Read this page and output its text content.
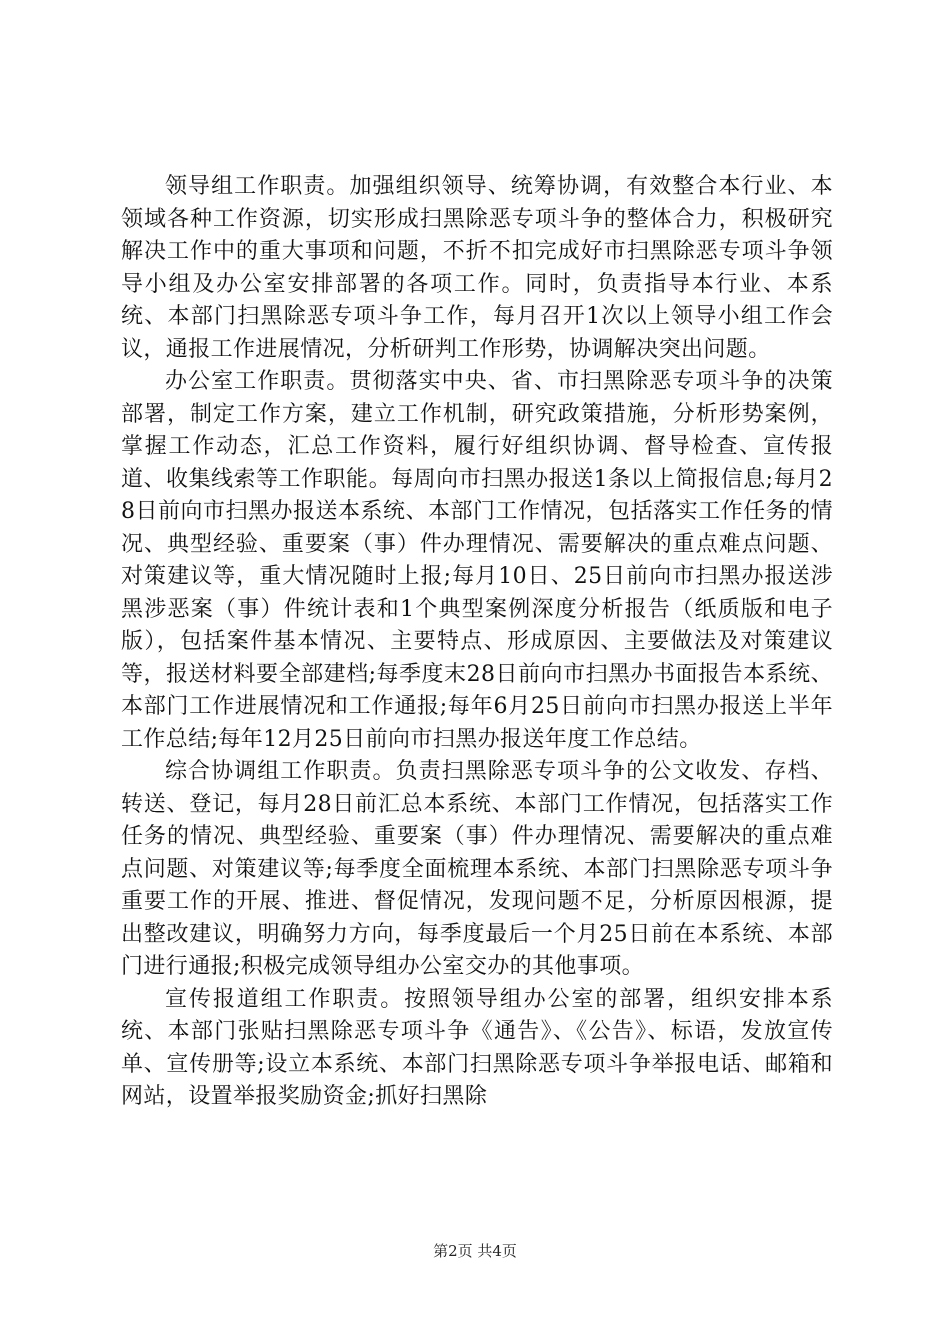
领导组工作职责。加强组织领导、统筹协调，有效整合本行业、本领域各种工作资源，切实形成扫黑除恶专项斗争的整体合力，积极研究解决工作中的重大事项和问题，不折不扣完成好市扫黑除恶专项斗争领导小组及办公室安排部署的各项工作。同时，负责指导本行业、本系统、本部门扫黑除恶专项斗争工作，每月召开1次以上领导小组工作会议，通报工作进展情况，分析研判工作形势，协调解决突出问题。

办公室工作职责。贯彻落实中央、省、市扫黑除恶专项斗争的决策部署，制定工作方案，建立工作机制，研究政策措施，分析形势案例，掌握工作动态，汇总工作资料，履行好组织协调、督导检查、宣传报道、收集线索等工作职能。每周向市扫黑办报送1条以上简报信息;每月28日前向市扫黑办报送本系统、本部门工作情况，包括落实工作任务的情况、典型经验、重要案（事）件办理情况、需要解决的重点难点问题、对策建议等，重大情况随时上报;每月10日、25日前向市扫黑办报送涉黑涉恶案（事）件统计表和1个典型案例深度分析报告（纸质版和电子版），包括案件基本情况、主要特点、形成原因、主要做法及对策建议等，报送材料要全部建档;每季度末28日前向市扫黑办书面报告本系统、本部门工作进展情况和工作通报;每年6月25日前向市扫黑办报送上半年工作总结;每年12月25日前向市扫黑办报送年度工作总结。

综合协调组工作职责。负责扫黑除恶专项斗争的公文收发、存档、转送、登记，每月28日前汇总本系统、本部门工作情况，包括落实工作任务的情况、典型经验、重要案（事）件办理情况、需要解决的重点难点问题、对策建议等;每季度全面梳理本系统、本部门扫黑除恶专项斗争重要工作的开展、推进、督促情况，发现问题不足，分析原因根源，提出整改建议，明确努力方向，每季度最后一个月25日前在本系统、本部门进行通报;积极完成领导组办公室交办的其他事项。

宣传报道组工作职责。按照领导组办公室的部署，组织安排本系统、本部门张贴扫黑除恶专项斗争《通告》、《公告》、标语，发放宣传单、宣传册等;设立本系统、本部门扫黑除恶专项斗争举报电话、邮箱和网站，设置举报奖励资金;抓好扫黑除

第2页 共4页
